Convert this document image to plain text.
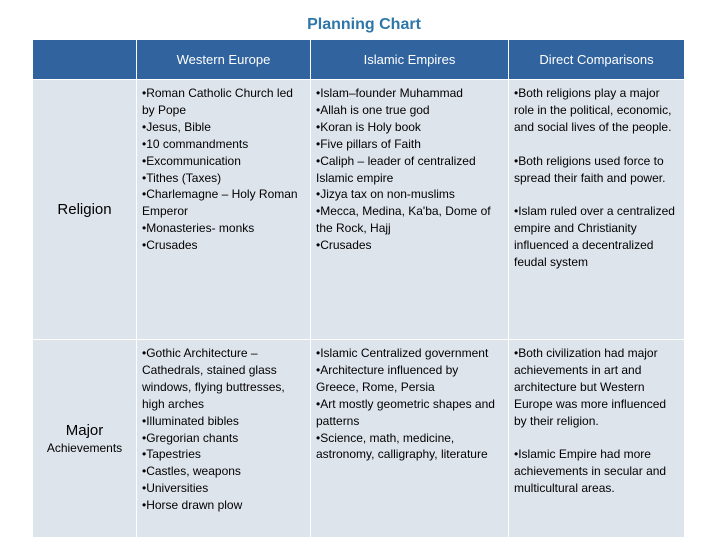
Planning Chart
Western Europe	Islamic Empires	Direct Comparisons
Religion
•Roman Catholic Church led by Pope
•Jesus, Bible
•10 commandments
•Excommunication
•Tithes (Taxes)
•Charlemagne – Holy Roman Emperor
•Monasteries- monks
•Crusades
•Islam–founder Muhammad
•Allah is one true god
•Koran is Holy book
•Five pillars of Faith
•Caliph – leader of centralized Islamic empire
•Jizya tax on non-muslims
•Mecca, Medina, Ka'ba, Dome of the Rock, Hajj
•Crusades
•Both religions play a major role in the political, economic, and social lives of the people.
•Both religions used force to spread their faith and power.
•Islam ruled over a centralized empire and Christianity influenced a decentralized feudal system
Major
Achievements
•Gothic Architecture – Cathedrals, stained glass windows, flying buttresses, high arches
•Illuminated bibles
•Gregorian chants
•Tapestries
•Castles, weapons
•Universities
•Horse drawn plow
•Islamic Centralized government
•Architecture influenced by Greece, Rome, Persia
•Art mostly geometric shapes and patterns
•Science, math, medicine, astronomy, calligraphy, literature
•Both civilization had major achievements in art and architecture but Western Europe was more influenced by their religion.
•Islamic Empire had more achievements in secular and multicultural areas.
